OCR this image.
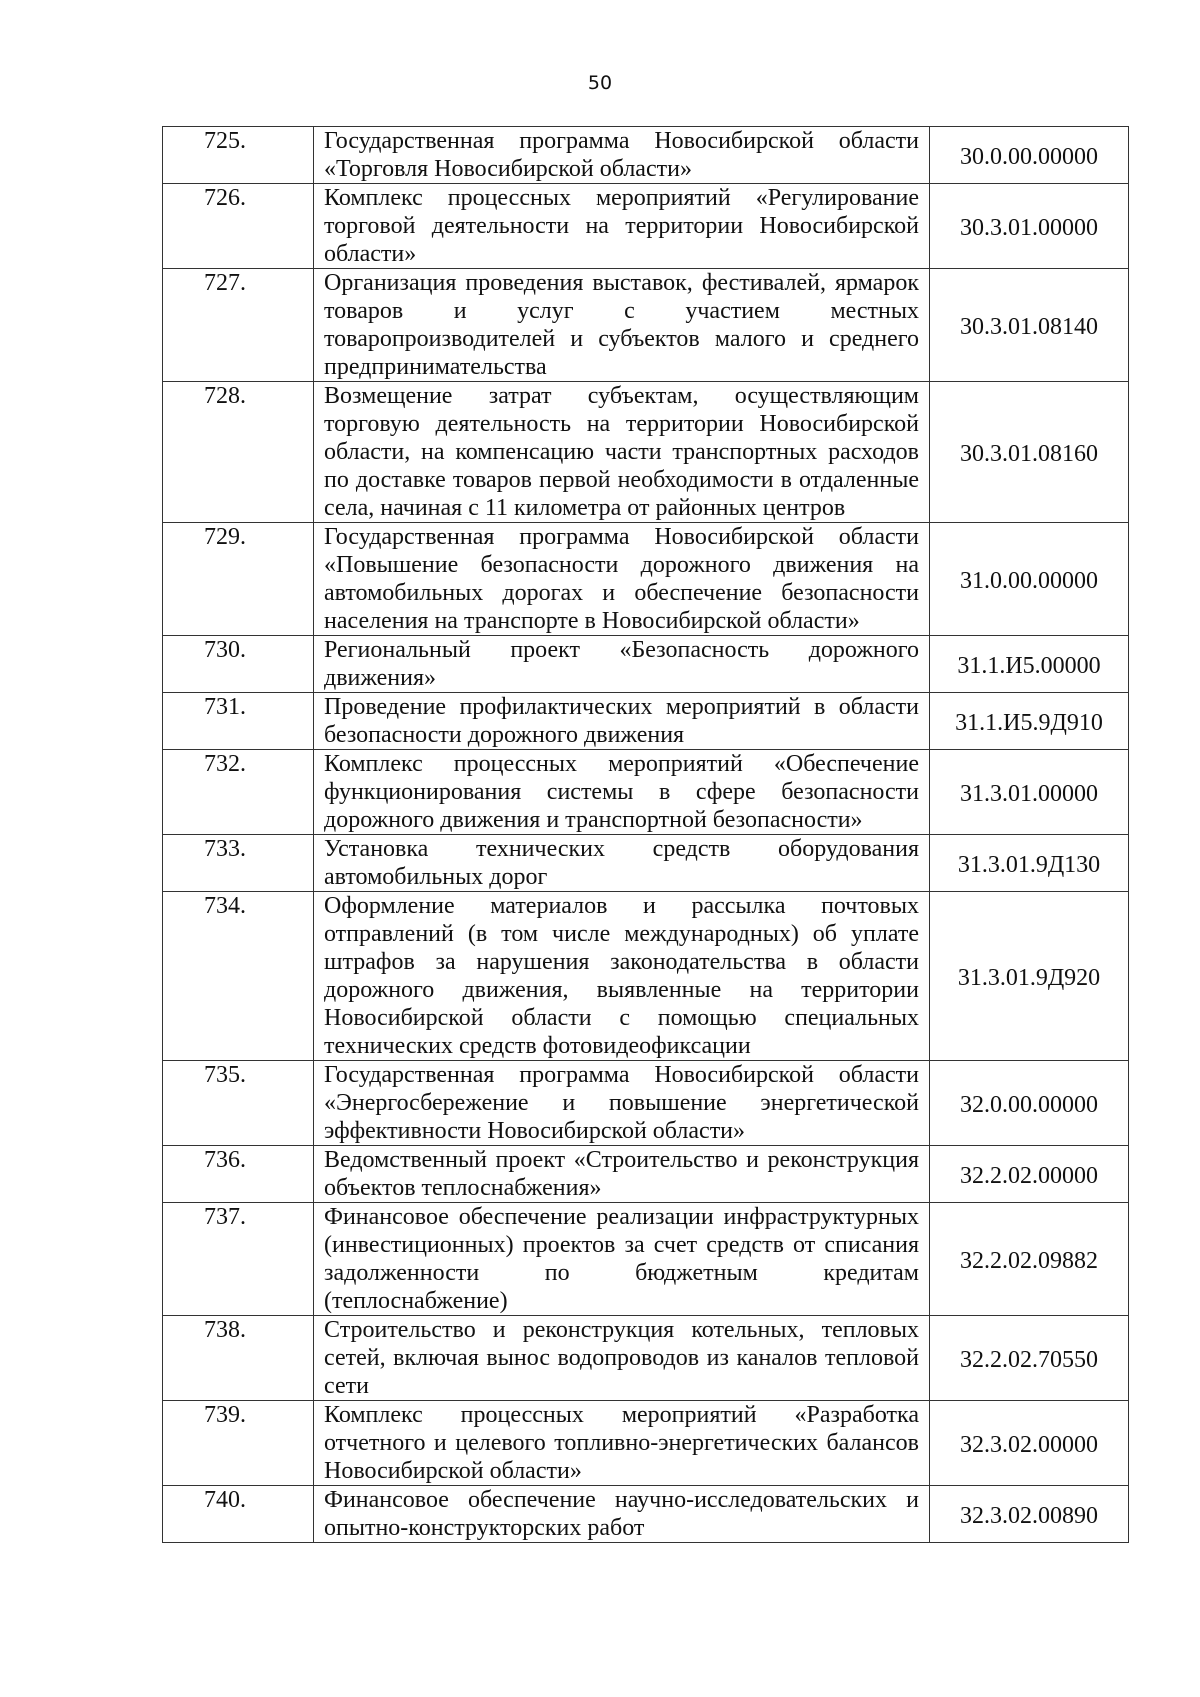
50
725.	Государственная программа Новосибирской области «Торговля Новосибирской области»	30.0.00.00000
726.	Комплекс процессных мероприятий «Регулирование торговой деятельности на территории Новосибирской области»	30.3.01.00000
727.	Организация проведения выставок, фестивалей, ярмарок товаров и услуг с участием местных товаропроизводителей и субъектов малого и среднего предпринимательства	30.3.01.08140
728.	Возмещение затрат субъектам, осуществляющим торговую деятельность на территории Новосибирской области, на компенсацию части транспортных расходов по доставке товаров первой необходимости в отдаленные села, начиная с 11 километра от районных центров	30.3.01.08160
729.	Государственная программа Новосибирской области «Повышение безопасности дорожного движения на автомобильных дорогах и обеспечение безопасности населения на транспорте в Новосибирской области»	31.0.00.00000
730.	Региональный проект «Безопасность дорожного движения»	31.1.И5.00000
731.	Проведение профилактических мероприятий в области безопасности дорожного движения	31.1.И5.9Д910
732.	Комплекс процессных мероприятий «Обеспечение функционирования системы в сфере безопасности дорожного движения и транспортной безопасности»	31.3.01.00000
733.	Установка технических средств оборудования автомобильных дорог	31.3.01.9Д130
734.	Оформление материалов и рассылка почтовых отправлений (в том числе международных) об уплате штрафов за нарушения законодательства в области дорожного движения, выявленные на территории Новосибирской области с помощью специальных технических средств фотовидеофиксации	31.3.01.9Д920
735.	Государственная программа Новосибирской области «Энергосбережение и повышение энергетической эффективности Новосибирской области»	32.0.00.00000
736.	Ведомственный проект «Строительство и реконструкция объектов теплоснабжения»	32.2.02.00000
737.	Финансовое обеспечение реализации инфраструктурных (инвестиционных) проектов за счет средств от списания задолженности по бюджетным кредитам (теплоснабжение)	32.2.02.09882
738.	Строительство и реконструкция котельных, тепловых сетей, включая вынос водопроводов из каналов тепловой сети	32.2.02.70550
739.	Комплекс процессных мероприятий «Разработка отчетного и целевого топливно-энергетических балансов Новосибирской области»	32.3.02.00000
740.	Финансовое обеспечение научно-исследовательских и опытно-конструкторских работ	32.3.02.00890
